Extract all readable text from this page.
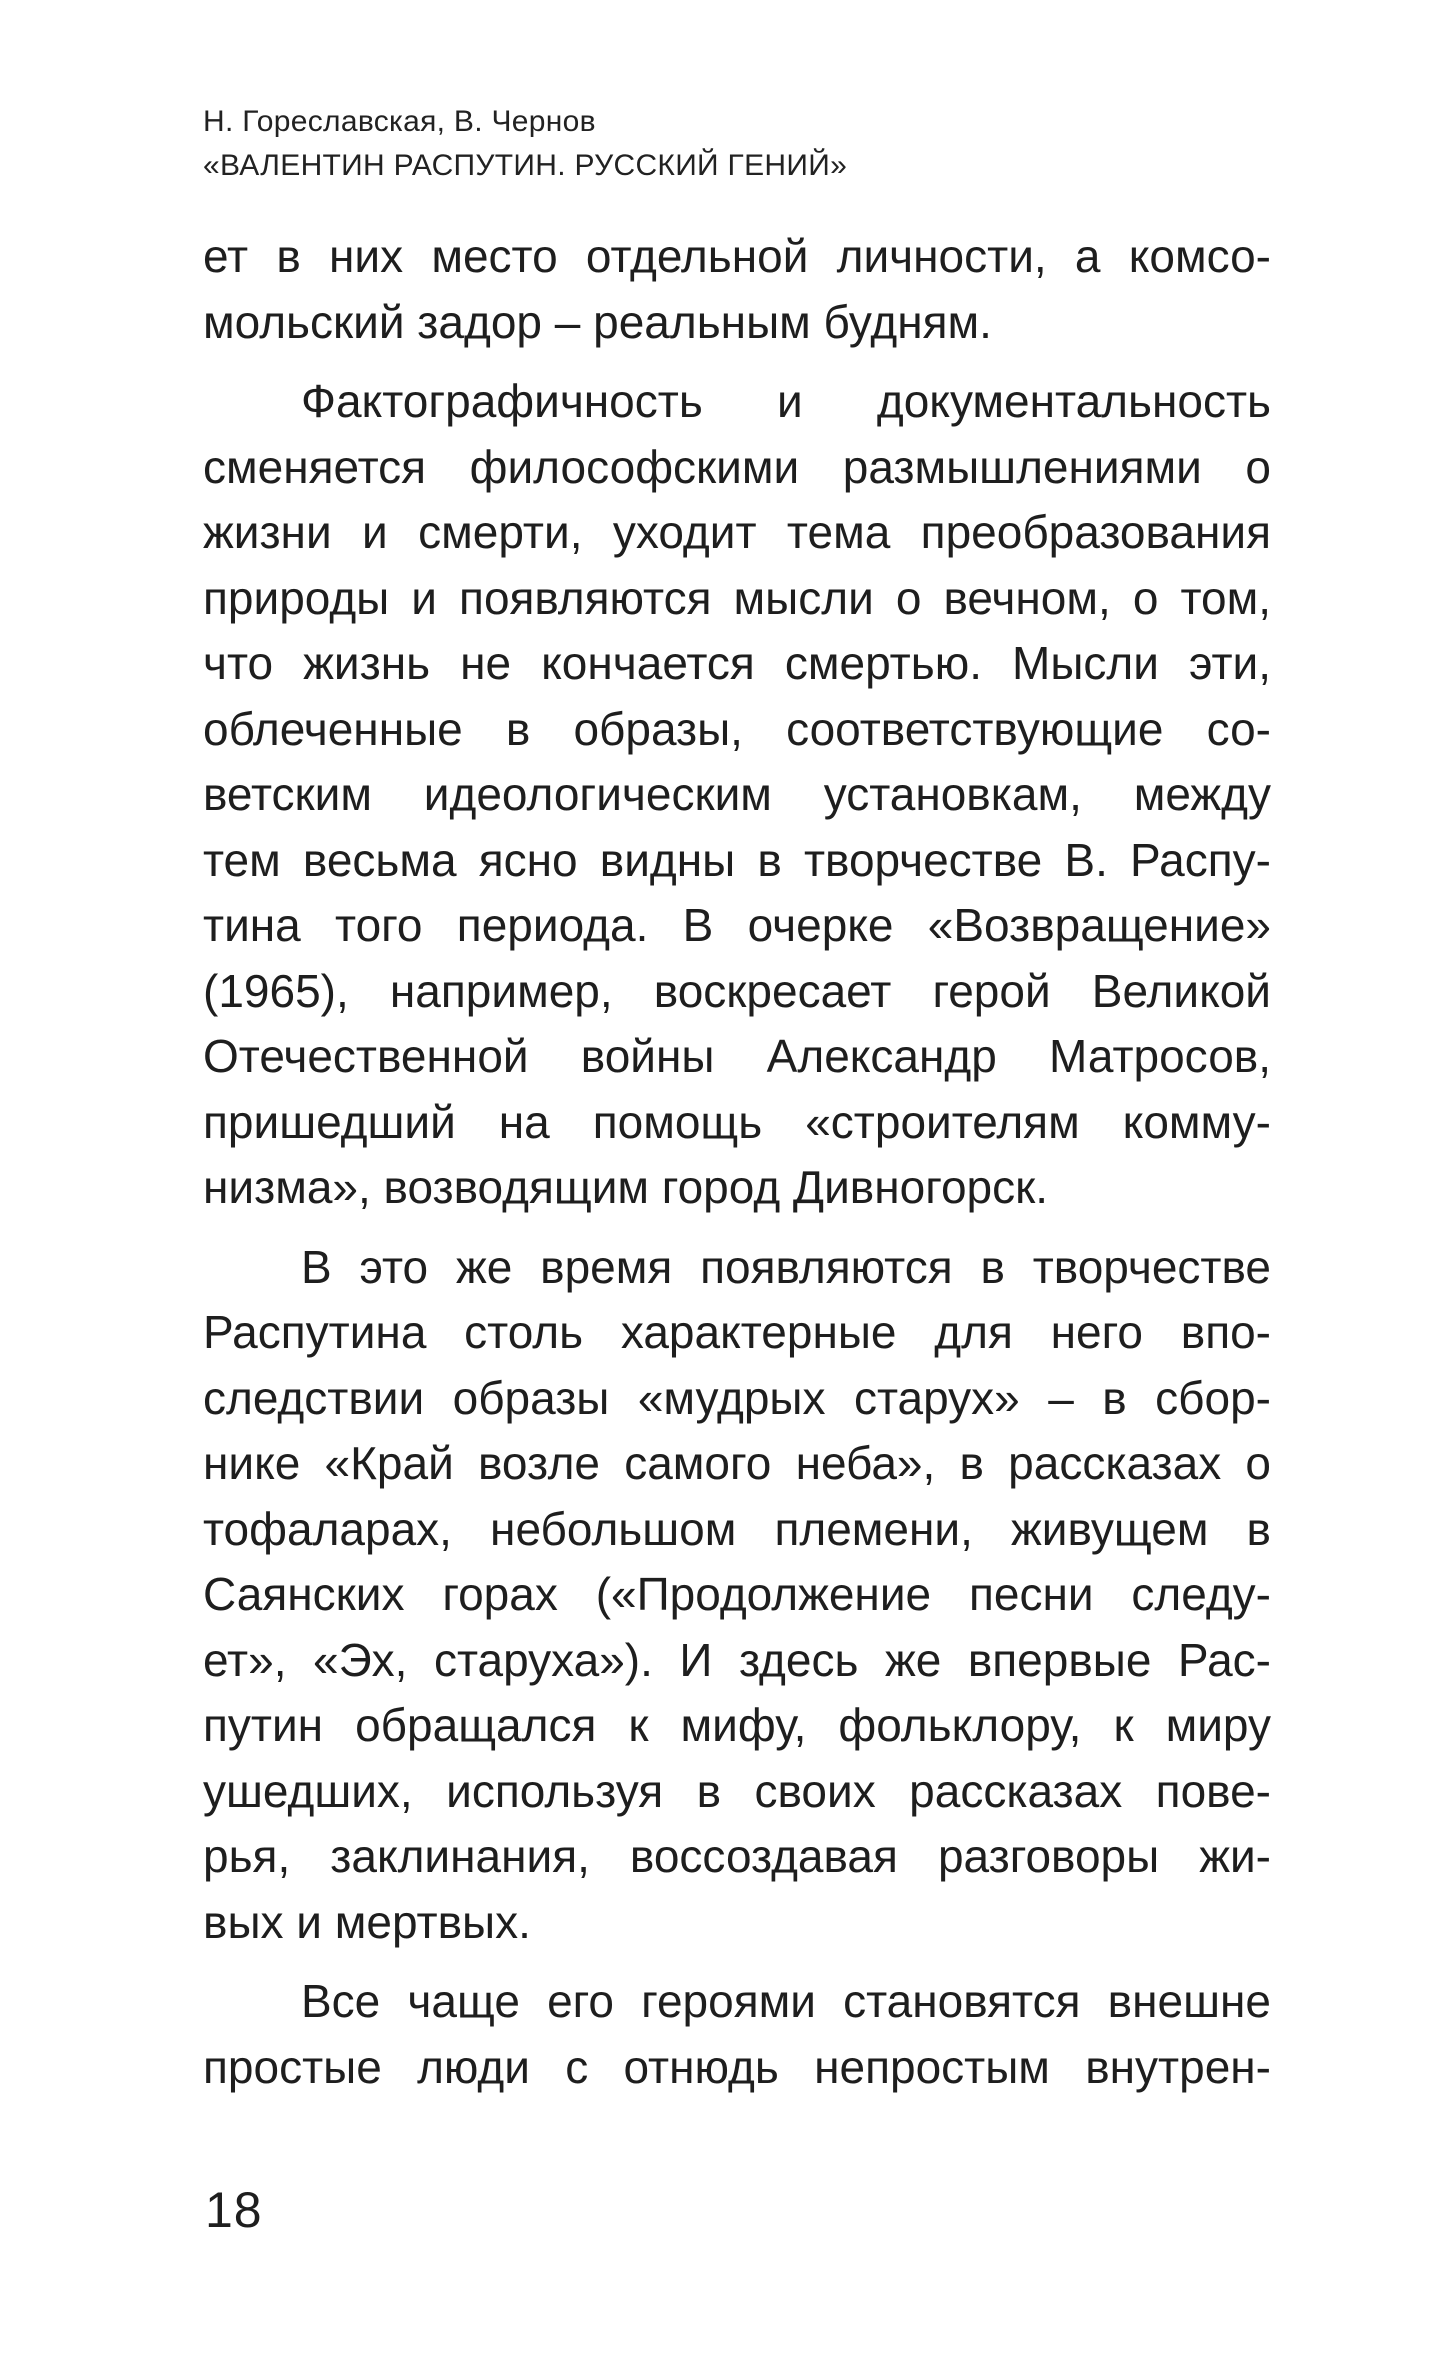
Н. Гореславская, В. Чернов
«ВАЛЕНТИН РАСПУТИН. РУССКИЙ ГЕНИЙ»
ет в них место отдельной личности, а комсо-
мольский задор – реальным будням.
Фактографичность и документальность
сменяется философскими размышлениями о
жизни и смерти, уходит тема преобразования
природы и появляются мысли о вечном, о том,
что жизнь не кончается смертью. Мысли эти,
облеченные в образы, соответствующие со-
ветским идеологическим установкам, между
тем весьма ясно видны в творчестве В. Распу-
тина того периода. В очерке «Возвращение»
(1965), например, воскресает герой Великой
Отечественной войны Александр Матросов,
пришедший на помощь «строителям комму-
низма», возводящим город Дивногорск.
В это же время появляются в творчестве
Распутина столь характерные для него впо-
следствии образы «мудрых старух» – в сбор-
нике «Край возле самого неба», в рассказах о
тофаларах, небольшом племени, живущем в
Саянских горах («Продолжение песни следу-
ет», «Эх, старуха»). И здесь же впервые Рас-
путин обращался к мифу, фольклору, к миру
ушедших, используя в своих рассказах пове-
рья, заклинания, воссоздавая разговоры жи-
вых и мертвых.
Все чаще его героями становятся внешне
простые люди с отнюдь непростым внутрен-
18
